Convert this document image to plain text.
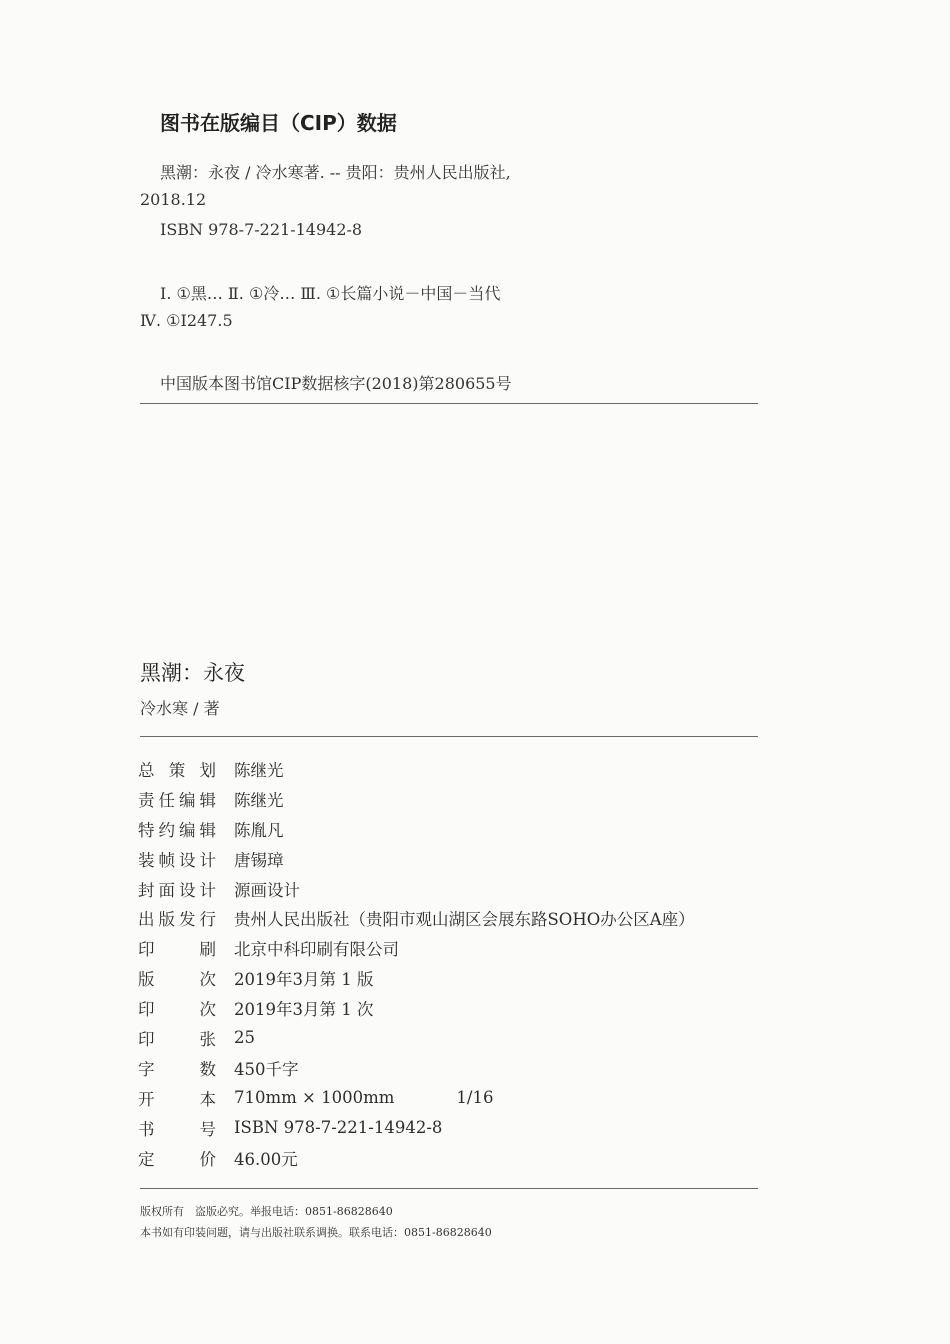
图书在版编目（CIP）数据
黑潮：永夜 / 冷水寒著. -- 贵阳：贵州人民出版社,
2018.12
ISBN 978-7-221-14942-8
Ⅰ. ①黑… Ⅱ. ①冷… Ⅲ. ①长篇小说－中国－当代
Ⅳ. ①I247.5
中国版本图书馆CIP数据核字(2018)第280655号
黑潮：永夜
冷水寒 / 著
总 策 划 陈继光
责 任 编 辑 陈继光
特 约 编 辑 陈胤凡
装 帧 设 计 唐锡璋
封 面 设 计 源画设计
出 版 发 行 贵州人民出版社（贵阳市观山湖区会展东路SOHO办公区A座）
印	刷 北京中科印刷有限公司
版	次 2019年3月第 1 版
印	次 2019年3月第 1 次
印	张 25
字	数 450千字
开	本 710mm × 1000mm	1/16
书	号 ISBN 978-7-221-14942-8
定	价 46.00元
版权所有　盗版必究。举报电话：0851-86828640
本书如有印装问题，请与出版社联系调换。联系电话：0851-86828640
